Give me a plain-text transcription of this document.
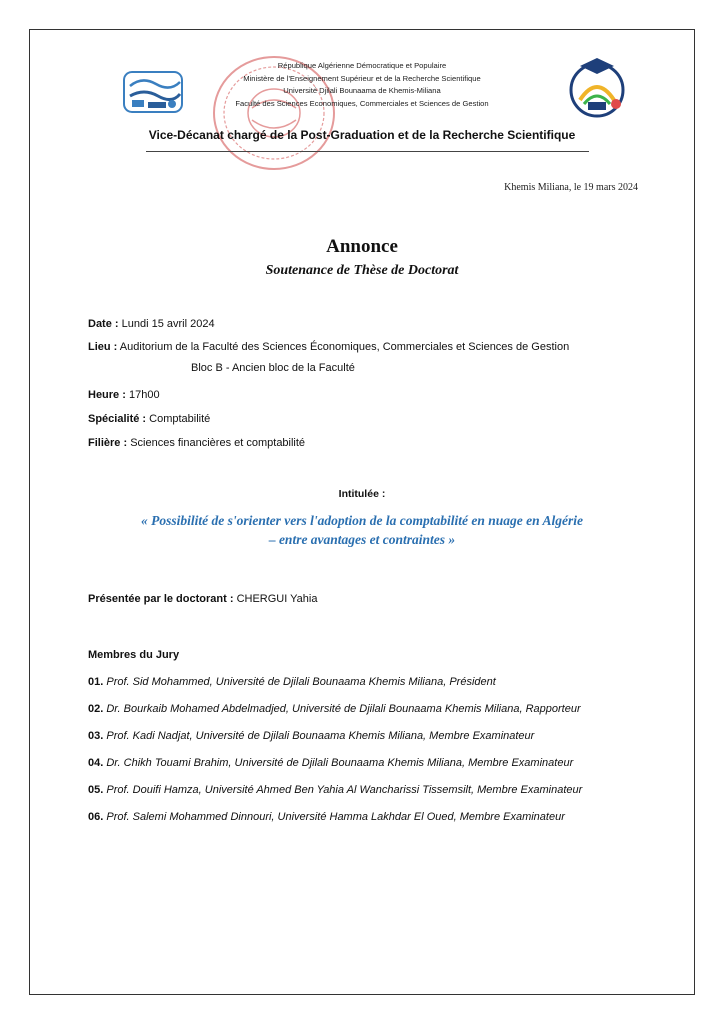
République Algérienne Démocratique et Populaire
Ministère de l'Enseignement Supérieur et de la Recherche Scientifique
Université Djilali Bounaama de Khemis-Miliana
Faculté des Sciences Economiques, Commerciales et Sciences de Gestion
Vice-Décanat chargé de la Post-Graduation et de la Recherche Scientifique
Khemis Miliana, le 19 mars 2024
Annonce
Soutenance de Thèse de Doctorat
Date : Lundi 15 avril 2024
Lieu : Auditorium de la Faculté des Sciences Économiques, Commerciales et Sciences de Gestion
Bloc B - Ancien bloc de la Faculté
Heure : 17h00
Spécialité : Comptabilité
Filière : Sciences financières et comptabilité
Intitulée :
« Possibilité de s'orienter vers l'adoption de la comptabilité en nuage en Algérie
– entre avantages et contraintes »
Présentée par le doctorant : CHERGUI Yahia
Membres du Jury
01. Prof. Sid Mohammed, Université de Djilali Bounaama Khemis Miliana, Président
02. Dr. Bourkaib Mohamed Abdelmadjed, Université de Djilali Bounaama Khemis Miliana, Rapporteur
03. Prof. Kadi Nadjat, Université de Djilali Bounaama Khemis Miliana, Membre Examinateur
04. Dr. Chikh Touami Brahim, Université de Djilali Bounaama Khemis Miliana, Membre Examinateur
05. Prof. Douifi Hamza, Université Ahmed Ben Yahia Al Wancharissi Tissemsilt, Membre Examinateur
06. Prof. Salemi Mohammed Dinnouri, Université Hamma Lakhdar El Oued, Membre Examinateur
